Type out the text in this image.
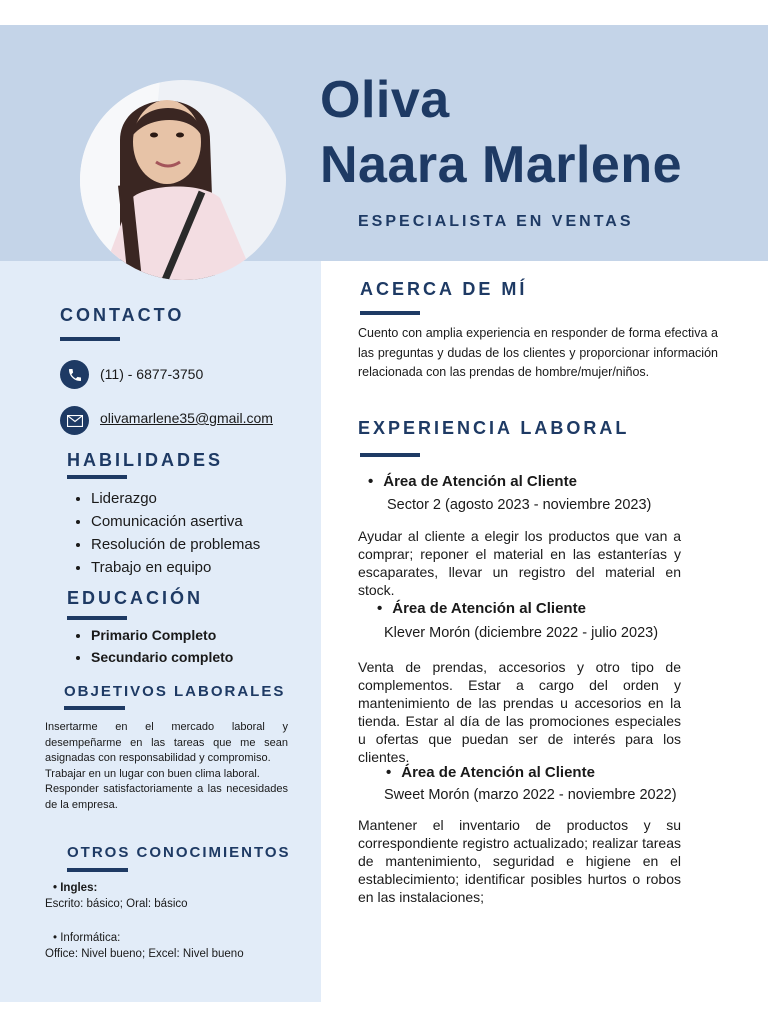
Oliva
Naara Marlene
ESPECIALISTA EN VENTAS
CONTACTO
(11) - 6877-3750
olivamarlene35@gmail.com
HABILIDADES
• Liderazgo
• Comunicación asertiva
• Resolución de problemas
• Trabajo en equipo
EDUCACIÓN
• Primario Completo
• Secundario completo
OBJETIVOS LABORALES
Insertarme en el mercado laboral y desempeñarme en las tareas que me sean asignadas con responsabilidad y compromiso.
Trabajar en un lugar con buen clima laboral.
Responder satisfactoriamente a las necesidades de la empresa.
OTROS CONOCIMIENTOS
• Ingles:
Escrito: básico; Oral: básico
• Informática:
Office: Nivel bueno; Excel: Nivel bueno
ACERCA DE MÍ
Cuento con amplia experiencia en responder de forma efectiva a las preguntas y dudas de los clientes y proporcionar información relacionada con las prendas de hombre/mujer/niños.
EXPERIENCIA LABORAL
• Área de Atención al Cliente
Sector 2 (agosto 2023 - noviembre 2023)
Ayudar al cliente a elegir los productos que van a comprar; reponer el material en las estanterías y escaparates, llevar un registro del material en stock.
• Área de Atención al Cliente
Klever Morón (diciembre 2022 - julio 2023)
Venta de prendas, accesorios y otro tipo de complementos. Estar a cargo del orden y mantenimiento de las prendas u accesorios en la tienda. Estar al día de las promociones especiales u ofertas que puedan ser de interés para los clientes.
• Área de Atención al Cliente
Sweet Morón (marzo 2022 - noviembre 2022)
Mantener el inventario de productos y su correspondiente registro actualizado; realizar tareas de mantenimiento, seguridad e higiene en el establecimiento; identificar posibles hurtos o robos en las instalaciones;
